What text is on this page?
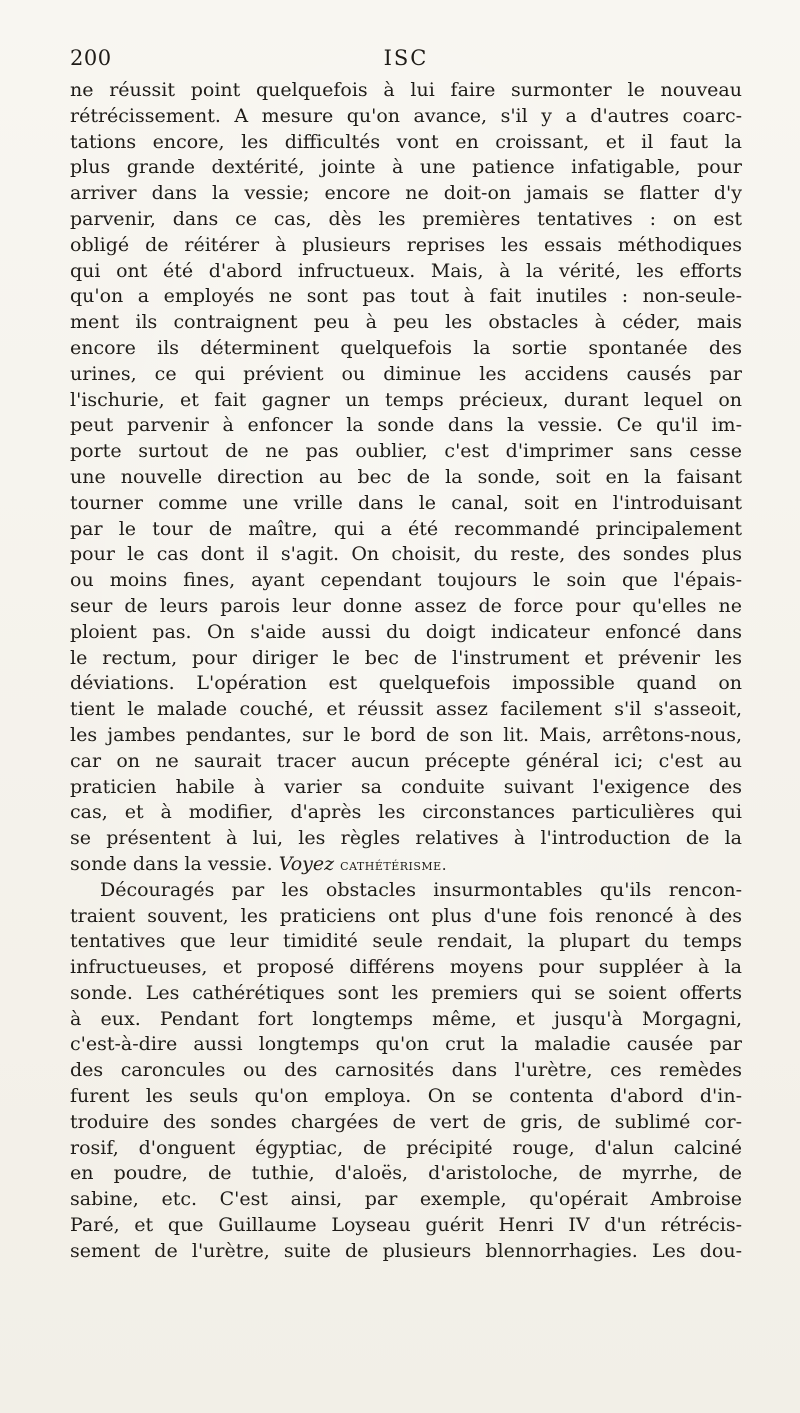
200	ISC
ne réussit point quelquefois à lui faire surmonter le nouveau
rétrécissement. A mesure qu'on avance, s'il y a d'autres coarc-
tations encore, les difficultés vont en croissant, et il faut la
plus grande dextérité, jointe à une patience infatigable, pour
arriver dans la vessie; encore ne doit-on jamais se flatter d'y
parvenir, dans ce cas, dès les premières tentatives : on est
obligé de réitérer à plusieurs reprises les essais méthodiques
qui ont été d'abord infructueux. Mais, à la vérité, les efforts
qu'on a employés ne sont pas tout à fait inutiles : non-seule-
ment ils contraignent peu à peu les obstacles à céder, mais
encore ils déterminent quelquefois la sortie spontanée des
urines, ce qui prévient ou diminue les accidens causés par
l'ischurie, et fait gagner un temps précieux, durant lequel on
peut parvenir à enfoncer la sonde dans la vessie. Ce qu'il im-
porte surtout de ne pas oublier, c'est d'imprimer sans cesse
une nouvelle direction au bec de la sonde, soit en la faisant
tourner comme une vrille dans le canal, soit en l'introduisant
par le tour de maître, qui a été recommandé principalement
pour le cas dont il s'agit. On choisit, du reste, des sondes plus
ou moins fines, ayant cependant toujours le soin que l'épais-
seur de leurs parois leur donne assez de force pour qu'elles ne
ploient pas. On s'aide aussi du doigt indicateur enfoncé dans
le rectum, pour diriger le bec de l'instrument et prévenir les
déviations. L'opération est quelquefois impossible quand on
tient le malade couché, et réussit assez facilement s'il s'asseoit,
les jambes pendantes, sur le bord de son lit. Mais, arrêtons-nous,
car on ne saurait tracer aucun précepte général ici; c'est au
praticien habile à varier sa conduite suivant l'exigence des
cas, et à modifier, d'après les circonstances particulières qui
se présentent à lui, les règles relatives à l'introduction de la
sonde dans la vessie. Voyez cathétérisme.
Découragés par les obstacles insurmontables qu'ils rencon-
traient souvent, les praticiens ont plus d'une fois renoncé à des
tentatives que leur timidité seule rendait, la plupart du temps
infructueuses, et proposé différens moyens pour suppléer à la
sonde. Les cathérétiques sont les premiers qui se soient offerts
à eux. Pendant fort longtemps même, et jusqu'à Morgagni,
c'est-à-dire aussi longtemps qu'on crut la maladie causée par
des caroncules ou des carnosités dans l'urètre, ces remèdes
furent les seuls qu'on employa. On se contenta d'abord d'in-
troduire des sondes chargées de vert de gris, de sublimé cor-
rosif, d'onguent égyptiac, de précipité rouge, d'alun calciné
en poudre, de tuthie, d'aloës, d'aristoloche, de myrrhe, de
sabine, etc. C'est ainsi, par exemple, qu'opérait Ambroise
Paré, et que Guillaume Loyseau guérit Henri IV d'un rétrécis-
sement de l'urètre, suite de plusieurs blennorrhagies. Les dou-
